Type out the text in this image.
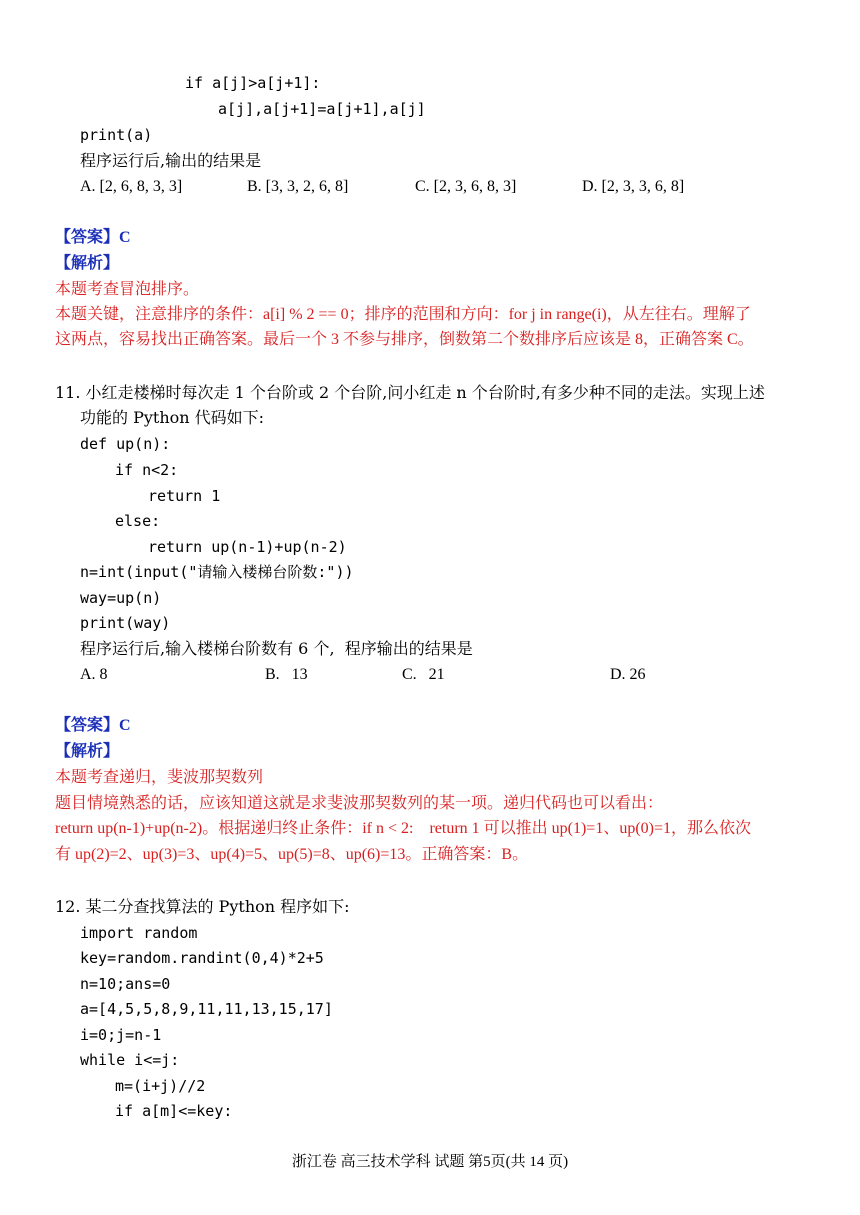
if a[j]>a[j+1]:
a[j],a[j+1]=a[j+1],a[j]
print(a)
程序运行后,输出的结果是
A. [2, 6, 8, 3, 3]	B. [3, 3, 2, 6, 8]	C. [2, 3, 6, 8, 3]	D. [2, 3, 3, 6, 8]
【答案】C
【解析】
本题考查冒泡排序。
本题关键，注意排序的条件：a[i] % 2 == 0；排序的范围和方向：for j in range(i)，从左往右。理解了
这两点，容易找出正确答案。最后一个 3 不参与排序，倒数第二个数排序后应该是 8，正确答案 C。
11. 小红走楼梯时每次走 1 个台阶或 2 个台阶,问小红走 n 个台阶时,有多少种不同的走法。实现上述
功能的 Python 代码如下:
def up(n):
if n<2:
return 1
else:
return up(n-1)+up(n-2)
n=int(input("请输入楼梯台阶数:"))
way=up(n)
print(way)
程序运行后,输入楼梯台阶数有 6 个,  程序输出的结果是
A. 8	B.   13	C.   21	D. 26
【答案】C
【解析】
本题考查递归，斐波那契数列
题目情境熟悉的话，应该知道这就是求斐波那契数列的某一项。递归代码也可以看出：
return up(n-1)+up(n-2)。根据递归终止条件：if n < 2:    return 1 可以推出 up(1)=1、up(0)=1，那么依次
有 up(2)=2、up(3)=3、up(4)=5、up(5)=8、up(6)=13。正确答案：B。
12. 某二分查找算法的 Python 程序如下:
import random
key=random.randint(0,4)*2+5
n=10;ans=0
a=[4,5,5,8,9,11,11,13,15,17]
i=0;j=n-1
while i<=j:
m=(i+j)//2
if a[m]<=key:
浙江卷 高三技术学科 试题 第5页(共 14 页)
